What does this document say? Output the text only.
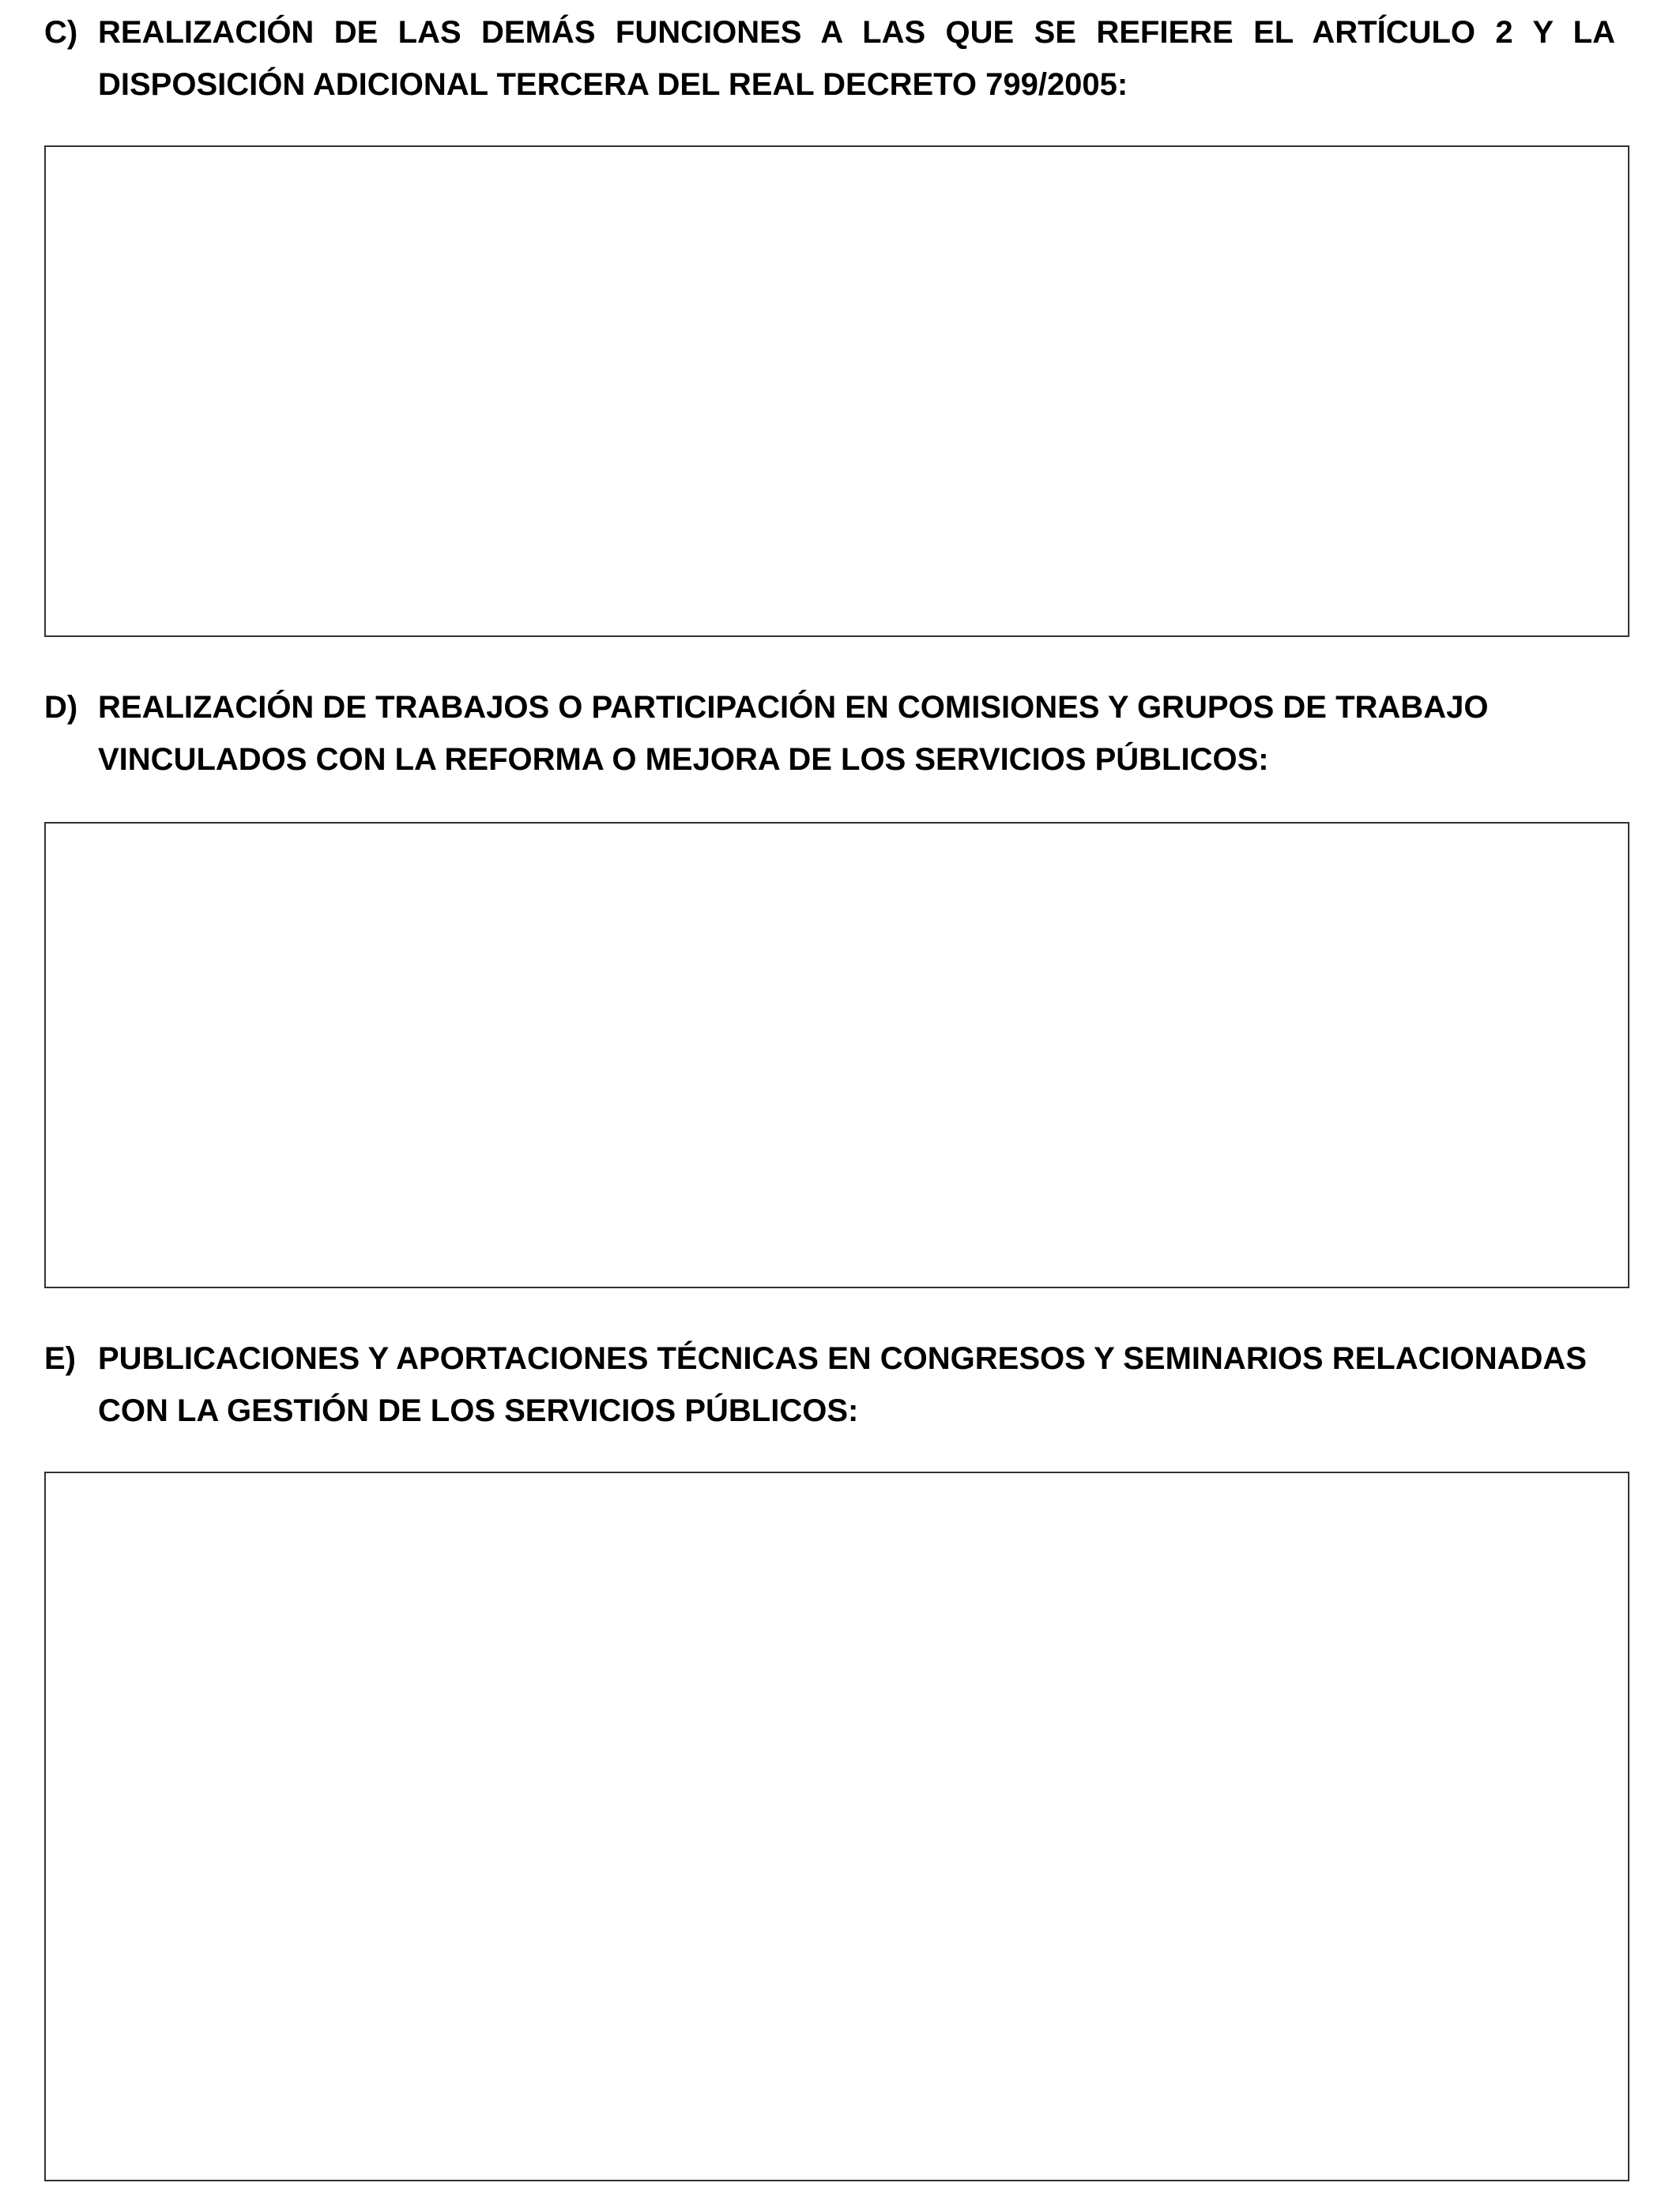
C) REALIZACIÓN DE LAS DEMÁS FUNCIONES A LAS QUE SE REFIERE EL ARTÍCULO 2 Y LA
DISPOSICIÓN ADICIONAL TERCERA DEL REAL DECRETO 799/2005:
D) REALIZACIÓN DE TRABAJOS O PARTICIPACIÓN EN COMISIONES Y GRUPOS DE TRABAJO
VINCULADOS CON LA REFORMA O MEJORA DE LOS SERVICIOS PÚBLICOS:
E) PUBLICACIONES Y APORTACIONES TÉCNICAS EN CONGRESOS Y SEMINARIOS RELACIONADAS
CON LA GESTIÓN DE LOS SERVICIOS PÚBLICOS:
